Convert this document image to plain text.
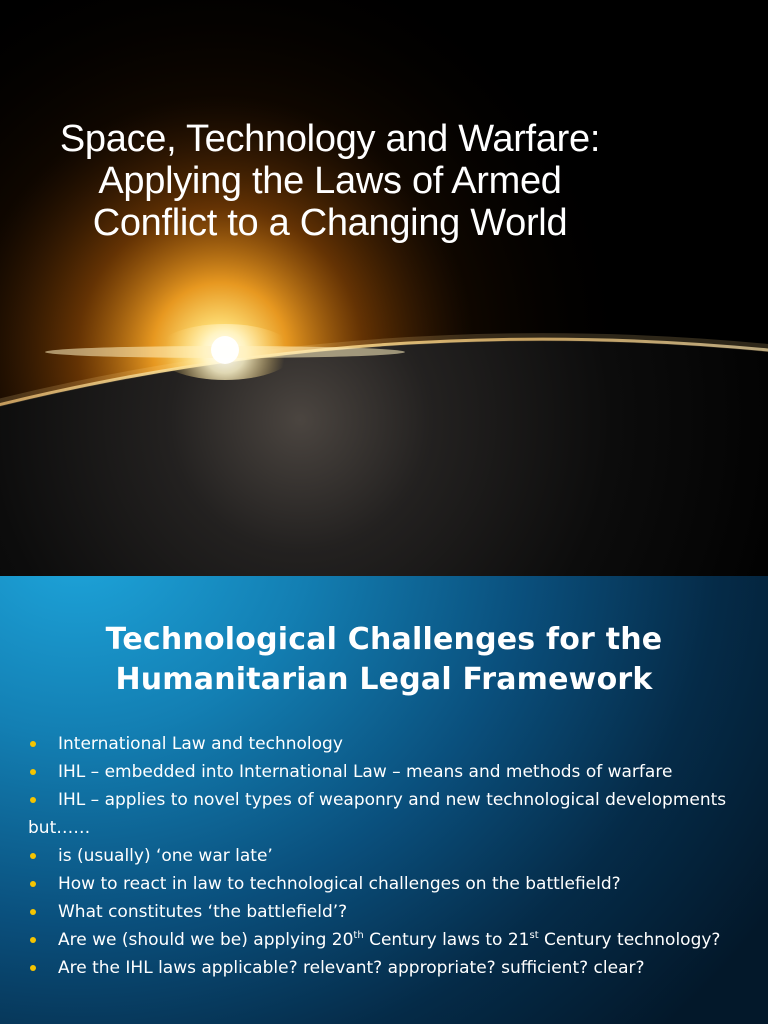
Space, Technology and Warfare:
Applying the Laws of Armed
Conflict to a Changing World
Technological Challenges for the
Humanitarian Legal Framework
International Law and technology
IHL – embedded into International Law – means and methods of warfare
IHL – applies to novel types of weaponry and new technological developments
but……
is (usually) ‘one war late’
How to react in law to technological challenges on the battlefield?
What constitutes ‘the battlefield’?
Are we (should we be) applying 20th Century laws to 21st Century technology?
Are the IHL laws applicable? relevant? appropriate? sufficient? clear?
